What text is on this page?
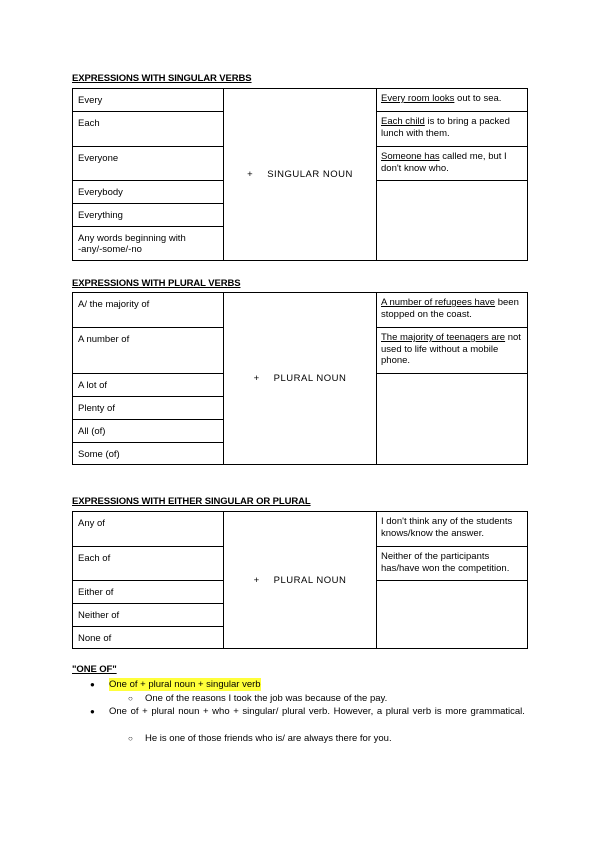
EXPRESSIONS WITH SINGULAR VERBS
Every
Each
Everyone
Everybody
Everything
Any words beginning with
-any/-some/-no
+ SINGULAR NOUN
Every room looks out to sea.
Each child is to bring a packed lunch with them.
Someone has called me, but I don't know who.
EXPRESSIONS WITH PLURAL VERBS
A/ the majority of
A number of
A lot of
Plenty of
All (of)
Some (of)
+ PLURAL NOUN
A number of refugees have been stopped on the coast.
The majority of teenagers are not used to life without a mobile phone.
EXPRESSIONS WITH EITHER SINGULAR OR PLURAL
Any of
Each of
Either of
Neither of
None of
+ PLURAL NOUN
I don't think any of the students knows/know the answer.
Neither of the participants has/have won the competition.
"ONE OF"
● One of + plural noun + singular verb
○ One of the reasons I took the job was because of the pay.
● One of + plural noun + who + singular/ plural verb. However, a plural verb is more grammatical.
○ He is one of those friends who is/ are always there for you.
